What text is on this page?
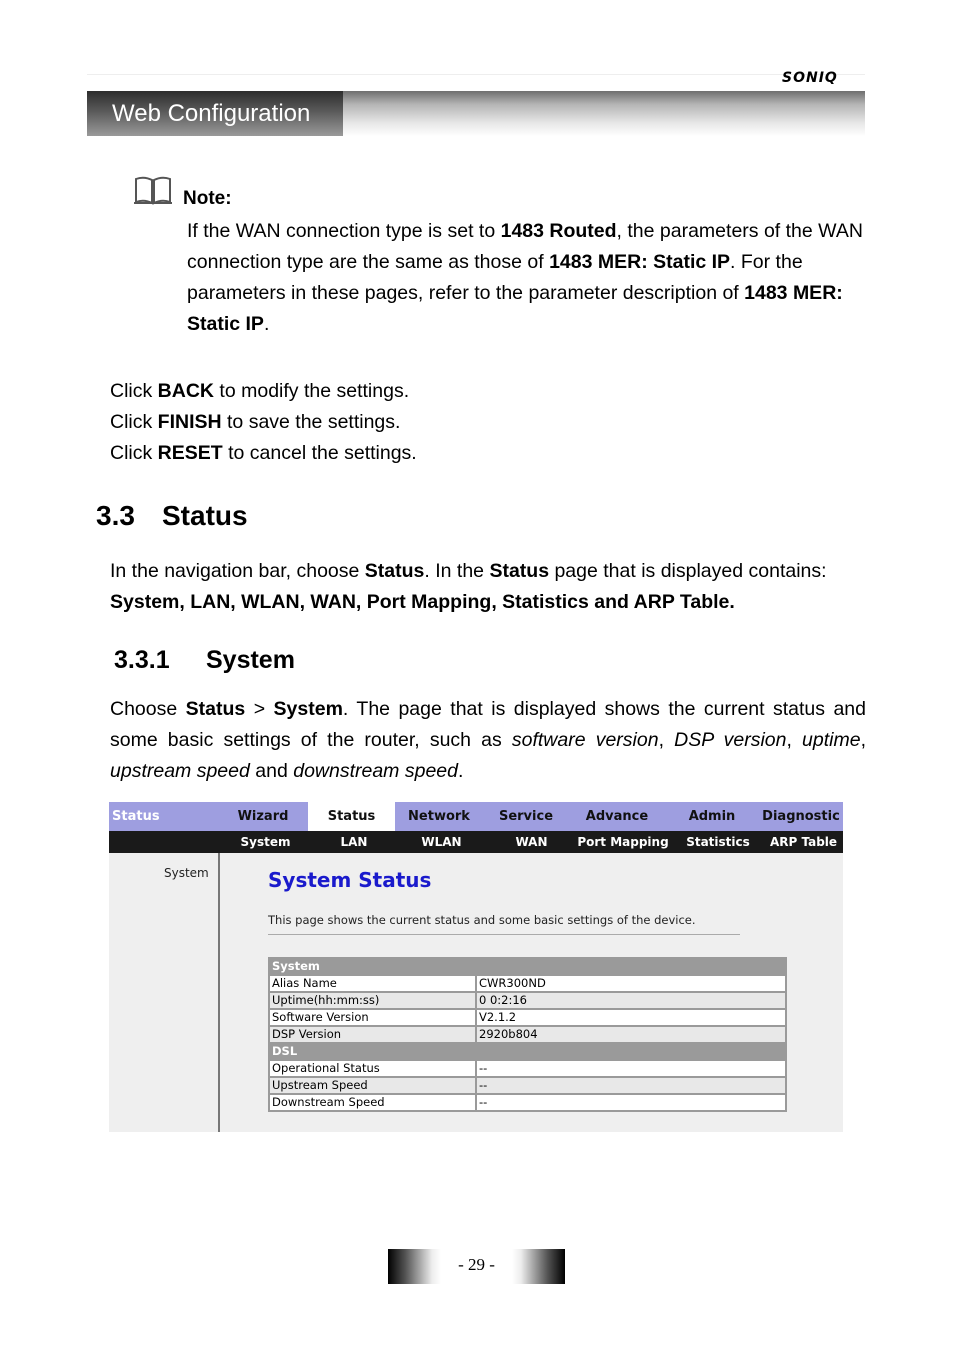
SONIQ
Web Configuration
Note:
If the WAN connection type is set to 1483 Routed, the parameters of the WAN connection type are the same as those of 1483 MER: Static IP. For the parameters in these pages, refer to the parameter description of 1483 MER: Static IP.
Click BACK to modify the settings.
Click FINISH to save the settings.
Click RESET to cancel the settings.
3.3 Status
In the navigation bar, choose Status. In the Status page that is displayed contains: System, LAN, WLAN, WAN, Port Mapping, Statistics and ARP Table.
3.3.1 System
Choose Status > System. The page that is displayed shows the current status and some basic settings of the router, such as software version, DSP version, uptime, upstream speed and downstream speed.
Status	Wizard	Status	Network	Service	Advance	Admin	Diagnostic
System	LAN	WLAN	WAN	Port Mapping	Statistics	ARP Table
System	System Status
This page shows the current status and some basic settings of the device.
System	
Alias Name	CWR300ND
Uptime(hh:mm:ss)	0 0:2:16
Software Version	V2.1.2
DSP Version	2920b804
DSL	
Operational Status	--
Upstream Speed	--
Downstream Speed	--
- 29 -
